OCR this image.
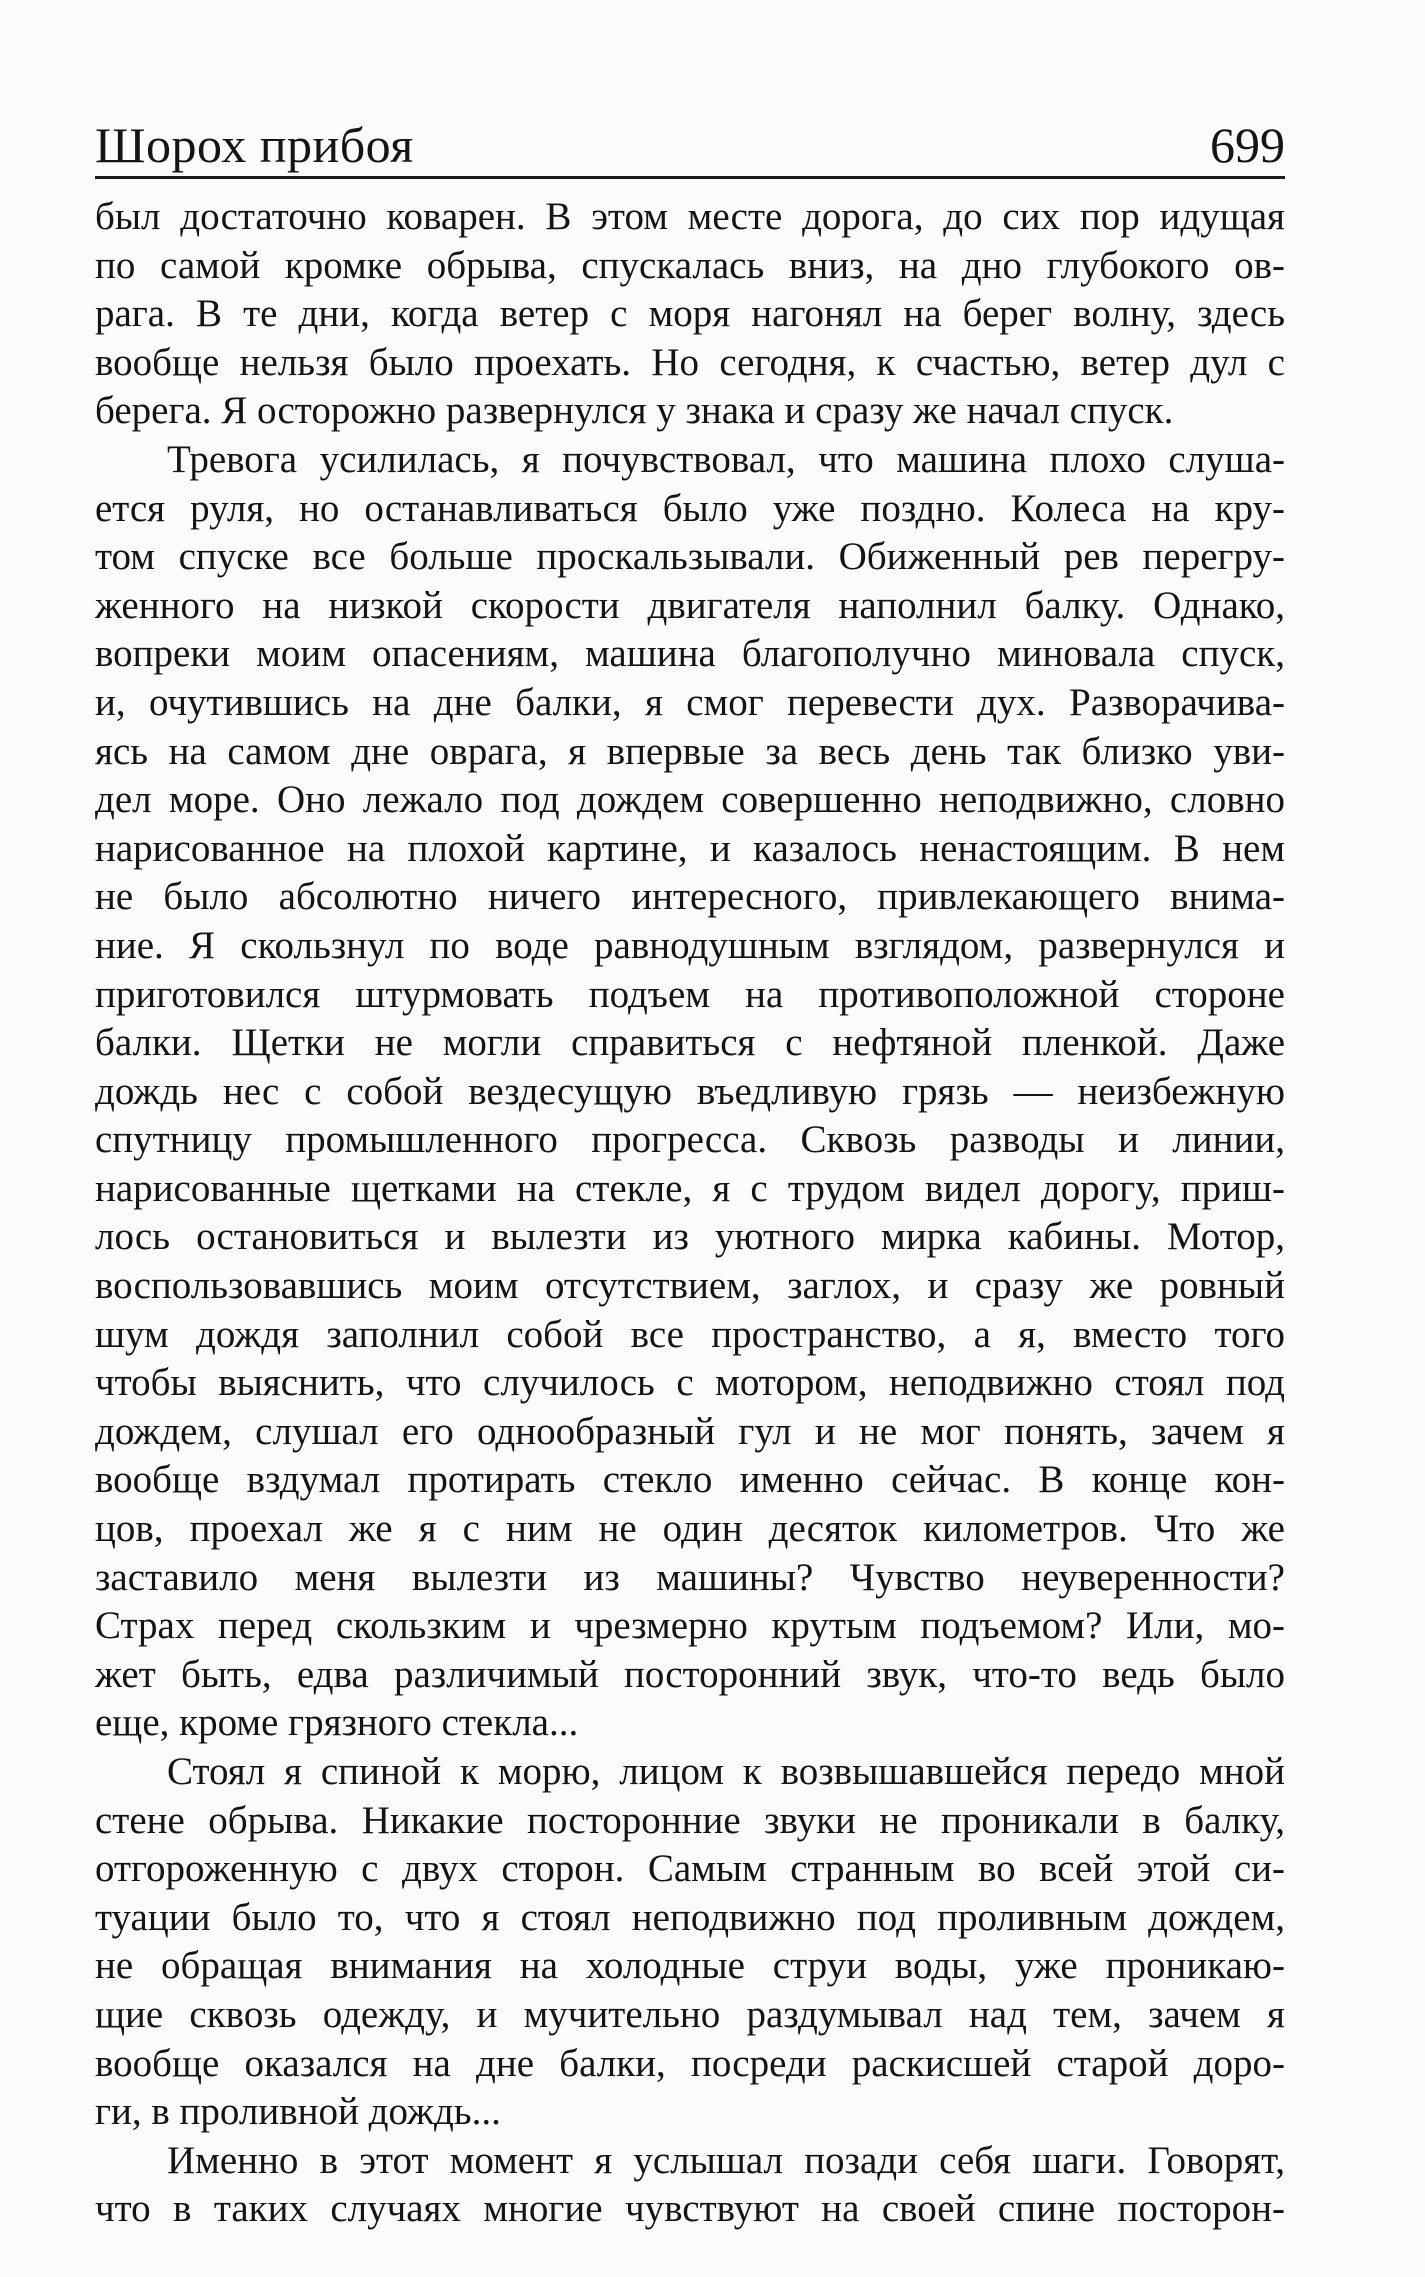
Шорох прибоя	699

был достаточно коварен. В этом месте дорога, до сих пор идущая
по самой кромке обрыва, спускалась вниз, на дно глубокого ов-
рага. В те дни, когда ветер с моря нагонял на берег волну, здесь
вообще нельзя было проехать. Но сегодня, к счастью, ветер дул с
берега. Я осторожно развернулся у знака и сразу же начал спуск.

Тревога усилилась, я почувствовал, что машина плохо слуша-
ется руля, но останавливаться было уже поздно. Колеса на кру-
том спуске все больше проскальзывали. Обиженный рев перегру-
женного на низкой скорости двигателя наполнил балку. Однако,
вопреки моим опасениям, машина благополучно миновала спуск,
и, очутившись на дне балки, я смог перевести дух. Разворачива-
ясь на самом дне оврага, я впервые за весь день так близко уви-
дел море. Оно лежало под дождем совершенно неподвижно, словно
нарисованное на плохой картине, и казалось ненастоящим. В нем
не было абсолютно ничего интересного, привлекающего внима-
ние. Я скользнул по воде равнодушным взглядом, развернулся и
приготовился штурмовать подъем на противоположной стороне
балки. Щетки не могли справиться с нефтяной пленкой. Даже
дождь нес с собой вездесущую въедливую грязь — неизбежную
спутницу промышленного прогресса. Сквозь разводы и линии,
нарисованные щетками на стекле, я с трудом видел дорогу, приш-
лось остановиться и вылезти из уютного мирка кабины. Мотор,
воспользовавшись моим отсутствием, заглох, и сразу же ровный
шум дождя заполнил собой все пространство, а я, вместо того
чтобы выяснить, что случилось с мотором, неподвижно стоял под
дождем, слушал его однообразный гул и не мог понять, зачем я
вообще вздумал протирать стекло именно сейчас. В конце кон-
цов, проехал же я с ним не один десяток километров. Что же
заставило меня вылезти из машины? Чувство неуверенности?
Страх перед скользким и чрезмерно крутым подъемом? Или, мо-
жет быть, едва различимый посторонний звук, что-то ведь было
еще, кроме грязного стекла...

Стоял я спиной к морю, лицом к возвышавшейся передо мной
стене обрыва. Никакие посторонние звуки не проникали в балку,
отгороженную с двух сторон. Самым странным во всей этой си-
туации было то, что я стоял неподвижно под проливным дождем,
не обращая внимания на холодные струи воды, уже проникаю-
щие сквозь одежду, и мучительно раздумывал над тем, зачем я
вообще оказался на дне балки, посреди раскисшей старой доро-
ги, в проливной дождь...

Именно в этот момент я услышал позади себя шаги. Говорят,
что в таких случаях многие чувствуют на своей спине посторон-
